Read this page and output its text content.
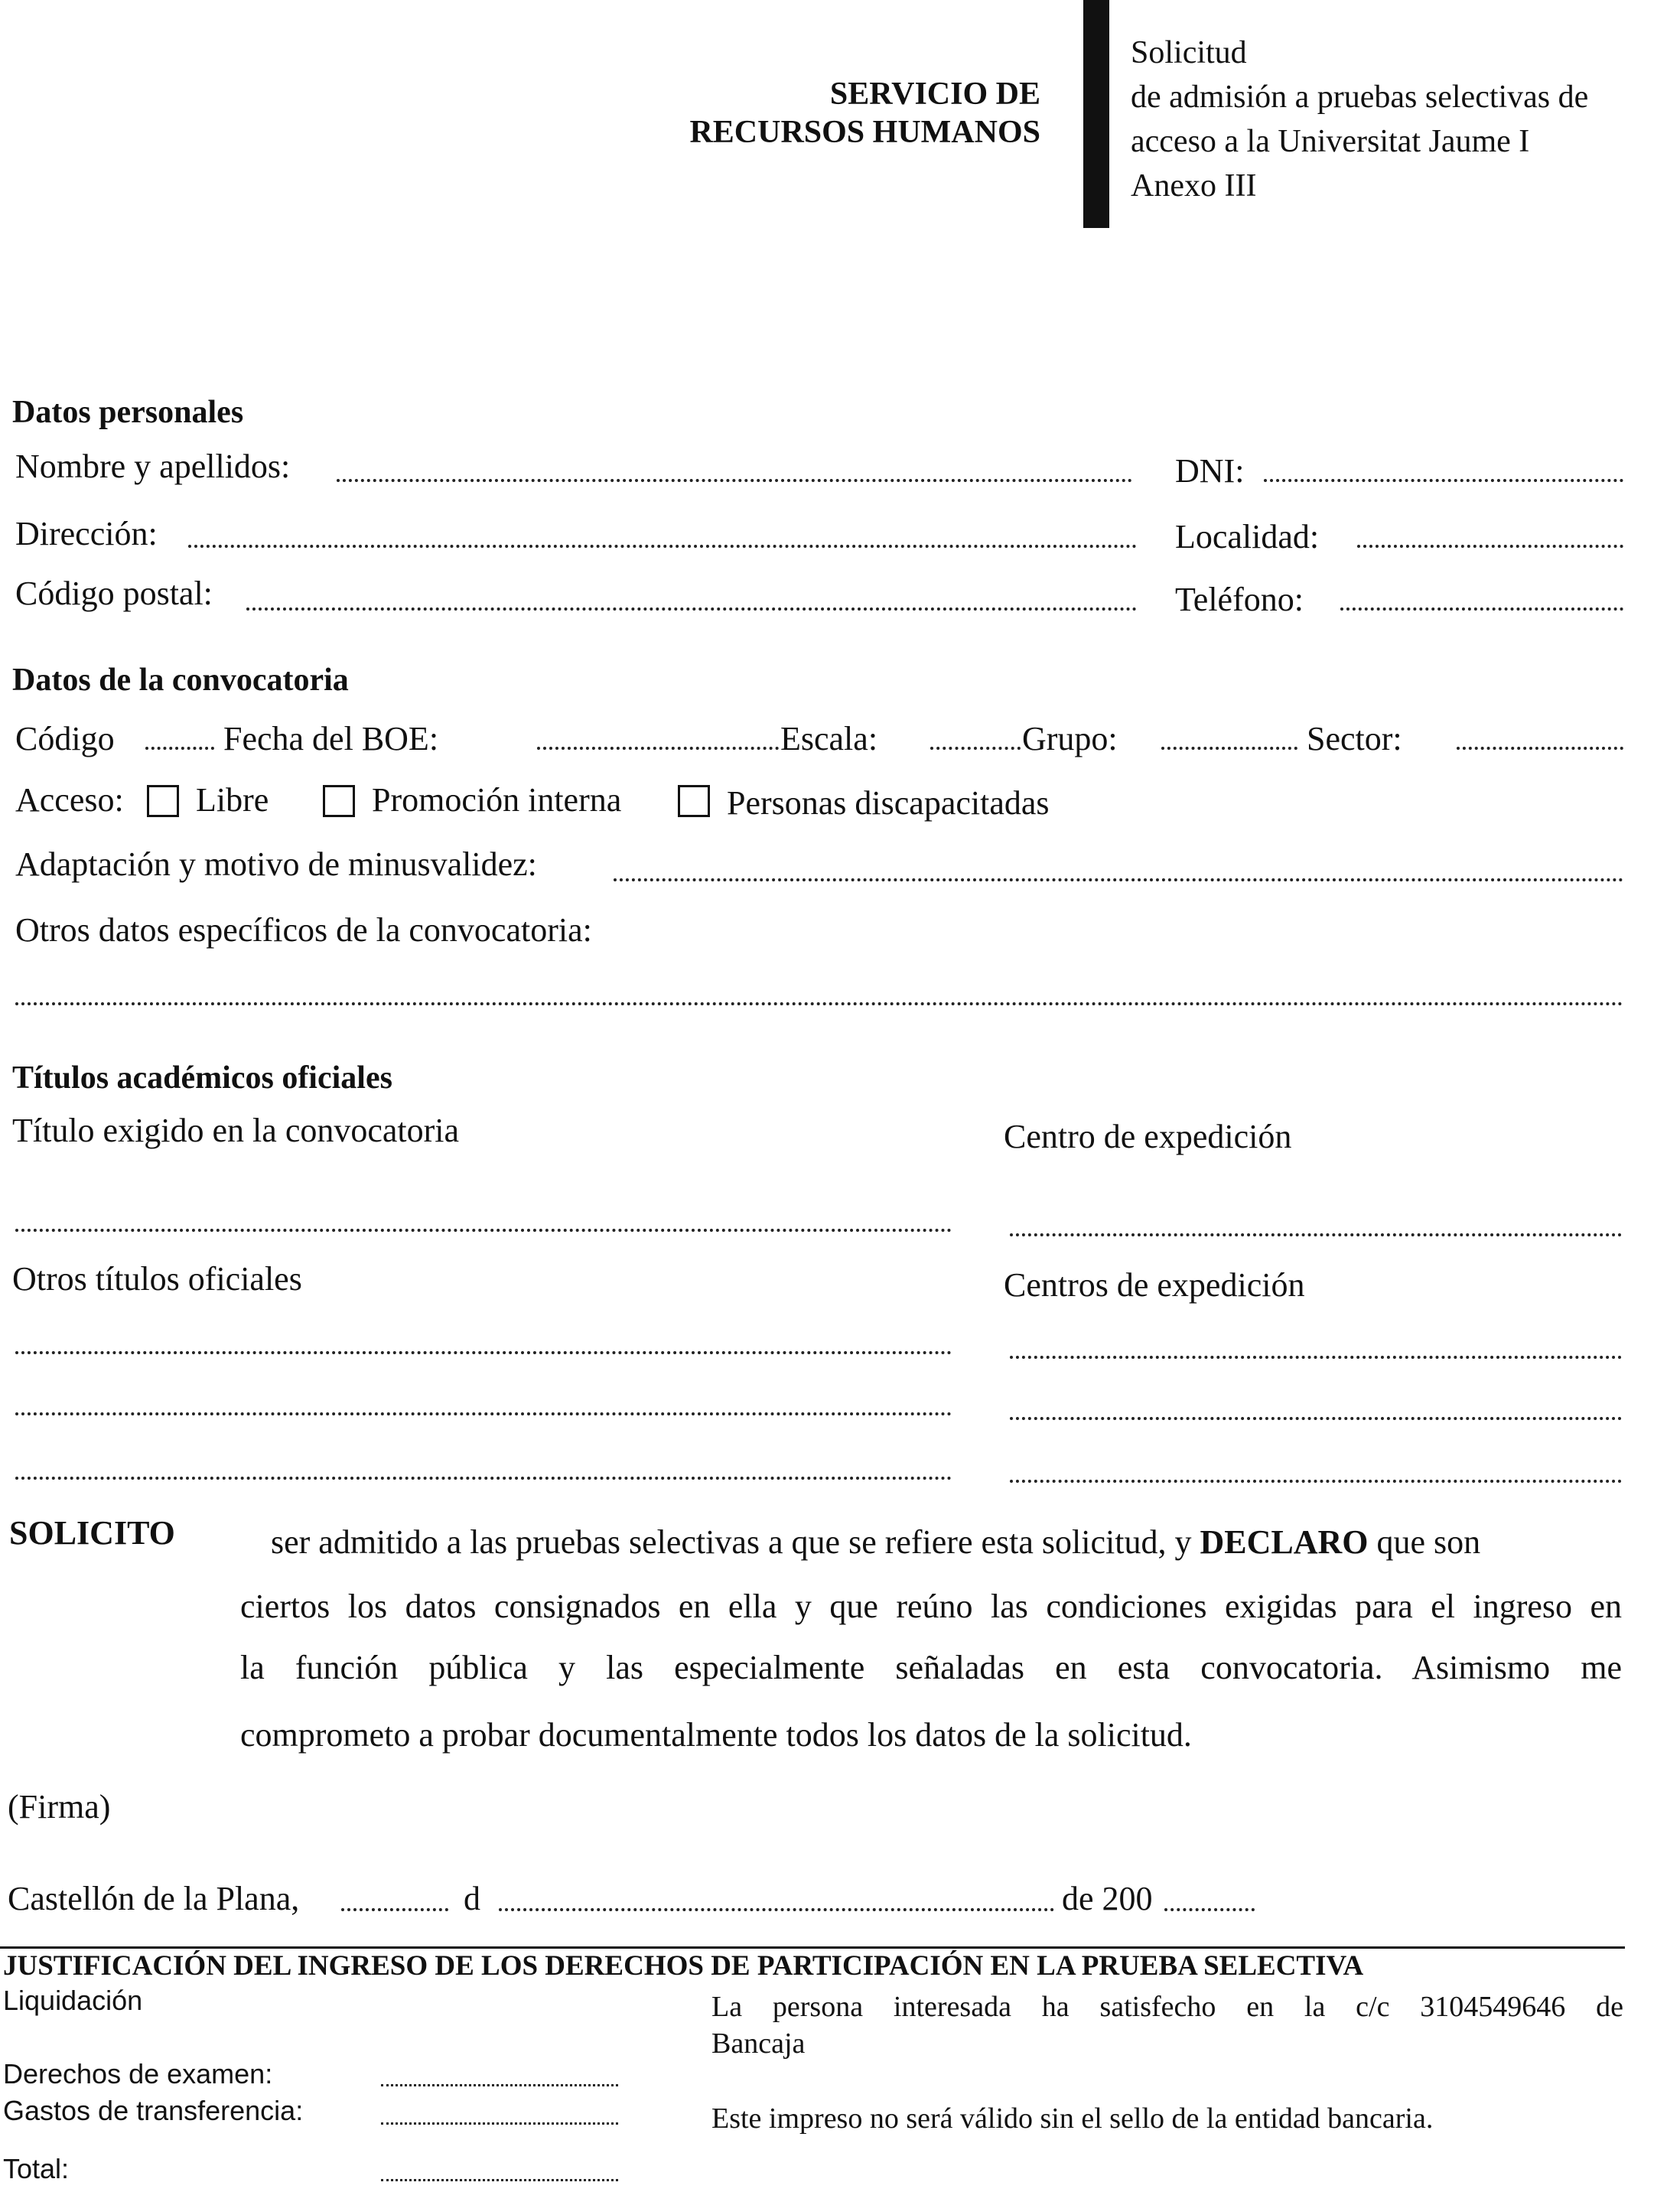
SERVICIO DE
RECURSOS HUMANOS
Solicitud
de admisión a pruebas selectivas de
acceso a la Universitat Jaume I
Anexo III
Datos personales
Nombre y apellidos:	DNI:
Dirección:	Localidad:
Código postal:	Teléfono:
Datos de la convocatoria
Código	Fecha del BOE:	Escala:	Grupo:	Sector:
Acceso: Libre	Promoción interna	Personas discapacitadas
Adaptación y motivo de minusvalidez:
Otros datos específicos de la convocatoria:
Títulos académicos oficiales
Título exigido en la convocatoria	Centro de expedición
Otros títulos oficiales	Centros de expedición
SOLICITO	ser admitido a las pruebas selectivas a que se refiere esta solicitud, y DECLARO que son
ciertos los datos consignados en ella y que reúno las condiciones exigidas para el ingreso en
la función pública y las especialmente señaladas en esta convocatoria. Asimismo me
comprometo a probar documentalmente todos los datos de la solicitud.
(Firma)
Castellón de la Plana,	d	de 200
JUSTIFICACIÓN DEL INGRESO DE LOS DERECHOS DE PARTICIPACIÓN EN LA PRUEBA SELECTIVA
Liquidación	La persona interesada ha satisfecho en la c/c 3104549646 de
Bancaja
Derechos de examen:
Gastos de transferencia:	Este impreso no será válido sin el sello de la entidad bancaria.
Total:
